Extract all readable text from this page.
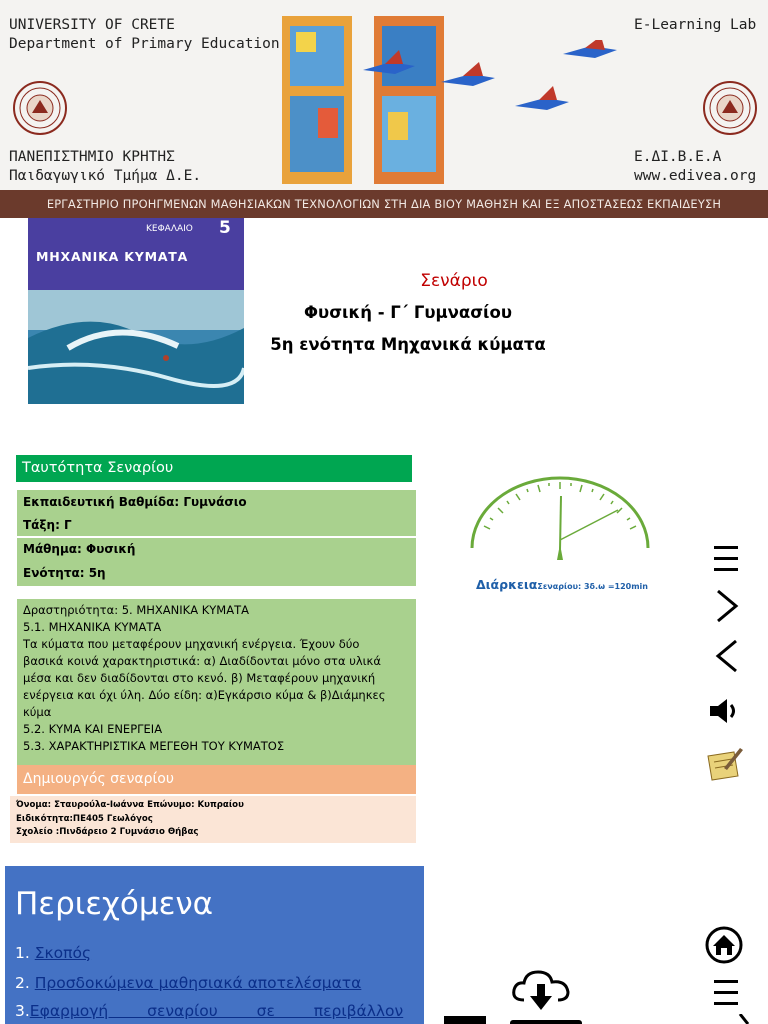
UNIVERSITY OF CRETE
Department of Primary Education
ΠΑΝΕΠΙΣΤΗΜΙΟ ΚΡΗΤΗΣ
Παιδαγωγικό Τμήμα Δ.Ε.
E-Learning Lab
Ε.ΔΙ.Β.Ε.Α
www.edivea.org
ΕΡΓΑΣΤΗΡΙΟ ΠΡΟΗΓΜΕΝΩΝ ΜΑΘΗΣΙΑΚΩΝ ΤΕΧΝΟΛΟΓΙΩΝ ΣΤΗ ΔΙΑ ΒΙΟΥ ΜΑΘΗΣΗ ΚΑΙ ΕΞ ΑΠΟΣΤΑΣΕΩΣ ΕΚΠΑΙΔΕΥΣΗ
ΚΕΦΑΛΑΙΟ 5
ΜΗΧΑΝΙΚΑ ΚΥΜΑΤΑ
Σενάριο
Φυσική - Γ΄ Γυμνασίου
5η ενότητα Μηχανικά κύματα
Ταυτότητα Σεναρίου
Εκπαιδευτική Βαθμίδα: Γυμνάσιο
Τάξη: Γ
Μάθημα: Φυσική
Ενότητα: 5η
Δραστηριότητα: 5. ΜΗΧΑΝΙΚΑ ΚΥΜΑΤΑ
5.1. ΜΗΧΑΝΙΚΑ ΚΥΜΑΤΑ
Τα κύματα που μεταφέρουν μηχανική ενέργεια. Έχουν δύο
βασικά κοινά χαρακτηριστικά: α) Διαδίδονται μόνο στα υλικά
μέσα και δεν διαδίδονται στο κενό. β) Μεταφέρουν μηχανική
ενέργεια και όχι ύλη. Δύο είδη: α)Εγκάρσιο κύμα & β)Διάμηκες
κύμα
5.2. ΚΥΜΑ ΚΑΙ ΕΝΕΡΓΕΙΑ
5.3. ΧΑΡΑΚΤΗΡΙΣΤΙΚΑ ΜΕΓΕΘΗ ΤΟΥ ΚΥΜΑΤΟΣ
Δημιουργός σεναρίου
Όνομα: Σταυρούλα-Ιωάννα Επώνυμο: Κυπραίου
Ειδικότητα:ΠΕ405 Γεωλόγος
Σχολείο :Πινδάρειο 2 Γυμνάσιο Θήβας
ΔιάρκειαΣεναρίου: 3δ.ω =120min
Περιεχόμενα
1. Σκοπός
2. Προσδοκώμενα μαθησιακά αποτελέσματα
3.Εφαρμογή σεναρίου σε περιβάλλον
